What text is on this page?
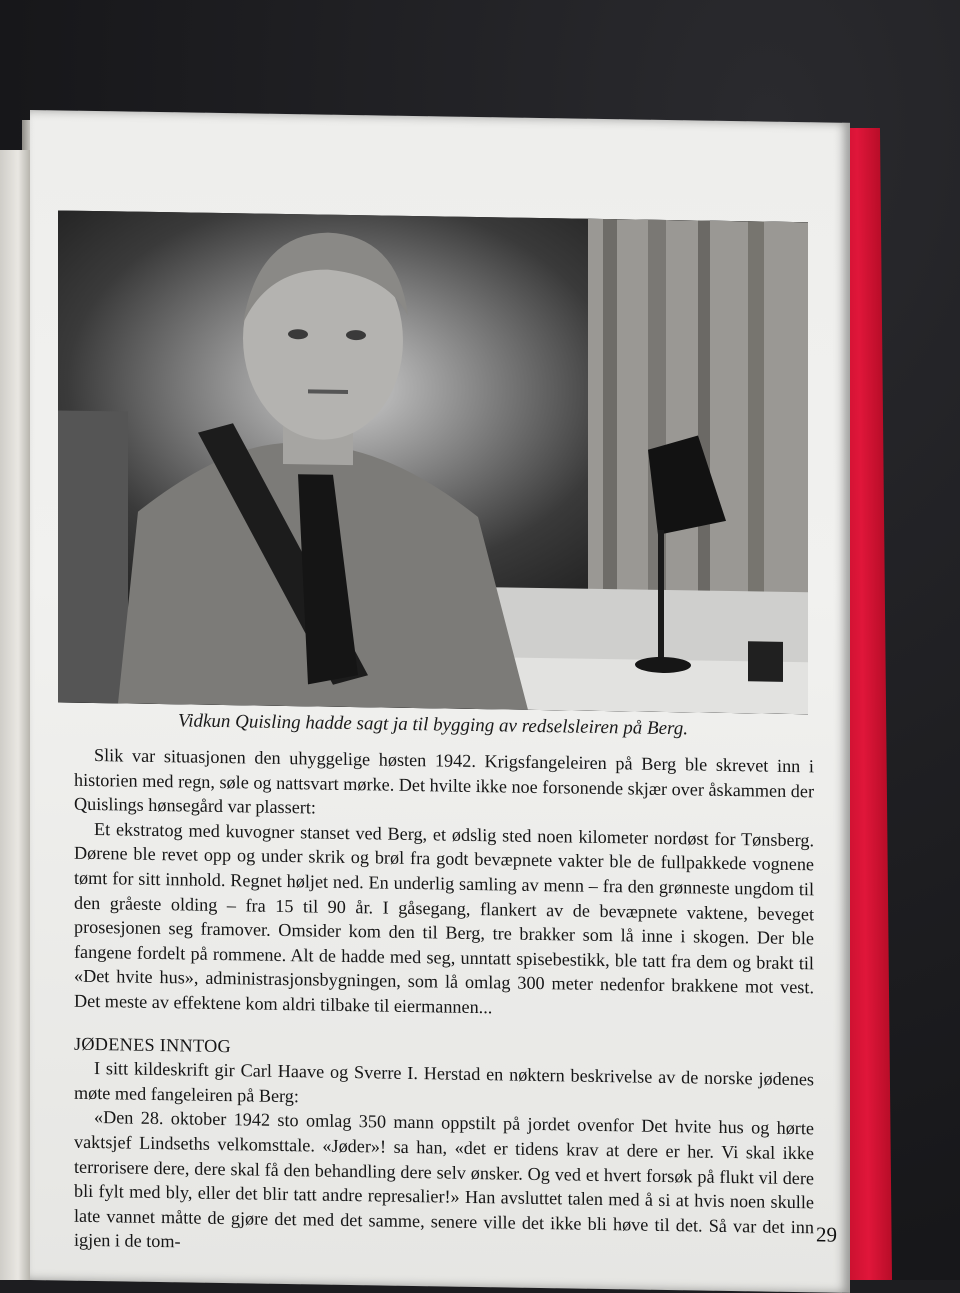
Vidkun Quisling hadde sagt ja til bygging av redselsleiren på Berg.

Slik var situasjonen den uhyggelige høsten 1942. Krigsfangeleiren på Berg ble skrevet inn i historien med regn, søle og nattsvart mørke. Det hvilte ikke noe forsonende skjær over åskammen der Quislings hønsegård var plassert:

Et ekstratog med kuvogner stanset ved Berg, et ødslig sted noen kilometer nordøst for Tønsberg. Dørene ble revet opp og under skrik og brøl fra godt bevæpnete vakter ble de fullpakkede vognene tømt for sitt innhold. Regnet høljet ned. En underlig samling av menn – fra den grønneste ungdom til den gråeste olding – fra 15 til 90 år. I gåsegang, flankert av de bevæpnete vaktene, beveget prosesjonen seg framover. Omsider kom den til Berg, tre brakker som lå inne i skogen. Der ble fangene fordelt på rommene. Alt de hadde med seg, unntatt spisebestikk, ble tatt fra dem og brakt til «Det hvite hus», administrasjonsbygningen, som lå omlag 300 meter nedenfor brakkene mot vest. Det meste av effektene kom aldri tilbake til eiermannen...

JØDENES INNTOG

I sitt kildeskrift gir Carl Haave og Sverre I. Herstad en nøktern beskrivelse av de norske jødenes møte med fangeleiren på Berg:

«Den 28. oktober 1942 sto omlag 350 mann oppstilt på jordet ovenfor Det hvite hus og hørte vaktsjef Lindseths velkomsttale. «Jøder»! sa han, «det er tidens krav at dere er her. Vi skal ikke terrorisere dere, dere skal få den behandling dere selv ønsker. Og ved et hvert forsøk på flukt vil dere bli fylt med bly, eller det blir tatt andre represalier!» Han avsluttet talen med å si at hvis noen skulle late vannet måtte de gjøre det med det samme, senere ville det ikke bli høve til det. Så var det inn igjen i de tom-	29
